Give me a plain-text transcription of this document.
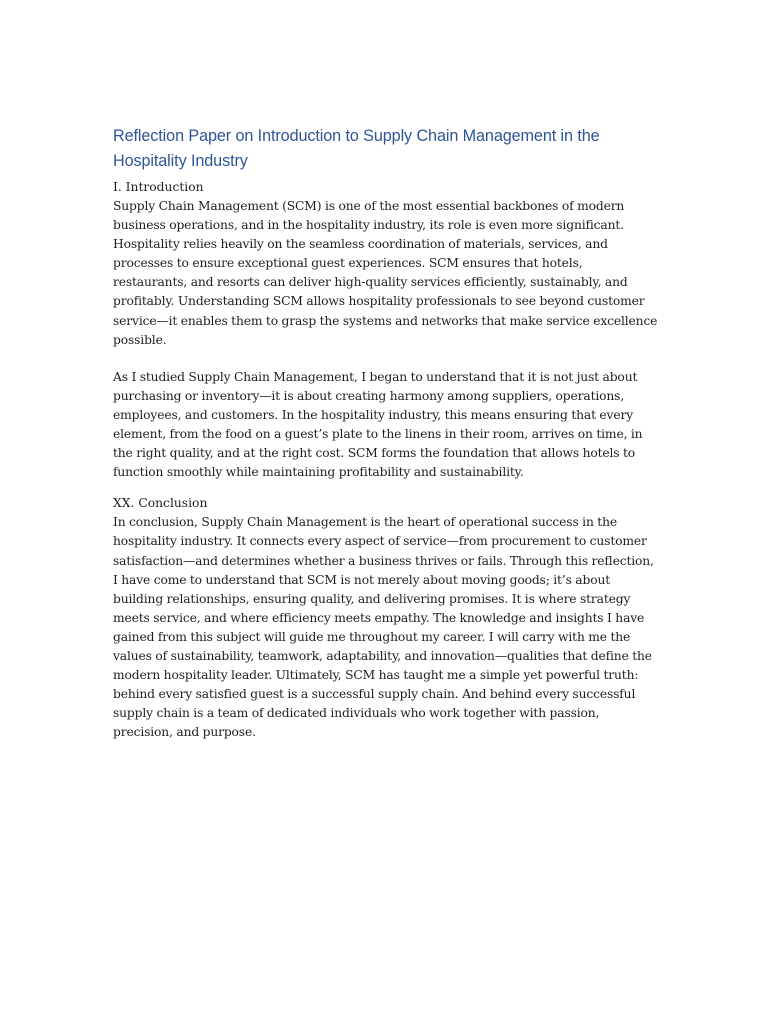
Reflection Paper on Introduction to Supply Chain Management in the Hospitality Industry

I. Introduction

Supply Chain Management (SCM) is one of the most essential backbones of modern business operations, and in the hospitality industry, its role is even more significant. Hospitality relies heavily on the seamless coordination of materials, services, and processes to ensure exceptional guest experiences. SCM ensures that hotels, restaurants, and resorts can deliver high-quality services efficiently, sustainably, and profitably. Understanding SCM allows hospitality professionals to see beyond customer service—it enables them to grasp the systems and networks that make service excellence possible.

As I studied Supply Chain Management, I began to understand that it is not just about purchasing or inventory—it is about creating harmony among suppliers, operations, employees, and customers. In the hospitality industry, this means ensuring that every element, from the food on a guest’s plate to the linens in their room, arrives on time, in the right quality, and at the right cost. SCM forms the foundation that allows hotels to function smoothly while maintaining profitability and sustainability.

XX. Conclusion

In conclusion, Supply Chain Management is the heart of operational success in the hospitality industry. It connects every aspect of service—from procurement to customer satisfaction—and determines whether a business thrives or fails. Through this reflection, I have come to understand that SCM is not merely about moving goods; it’s about building relationships, ensuring quality, and delivering promises. It is where strategy meets service, and where efficiency meets empathy. The knowledge and insights I have gained from this subject will guide me throughout my career. I will carry with me the values of sustainability, teamwork, adaptability, and innovation—qualities that define the modern hospitality leader. Ultimately, SCM has taught me a simple yet powerful truth: behind every satisfied guest is a successful supply chain. And behind every successful supply chain is a team of dedicated individuals who work together with passion, precision, and purpose.
